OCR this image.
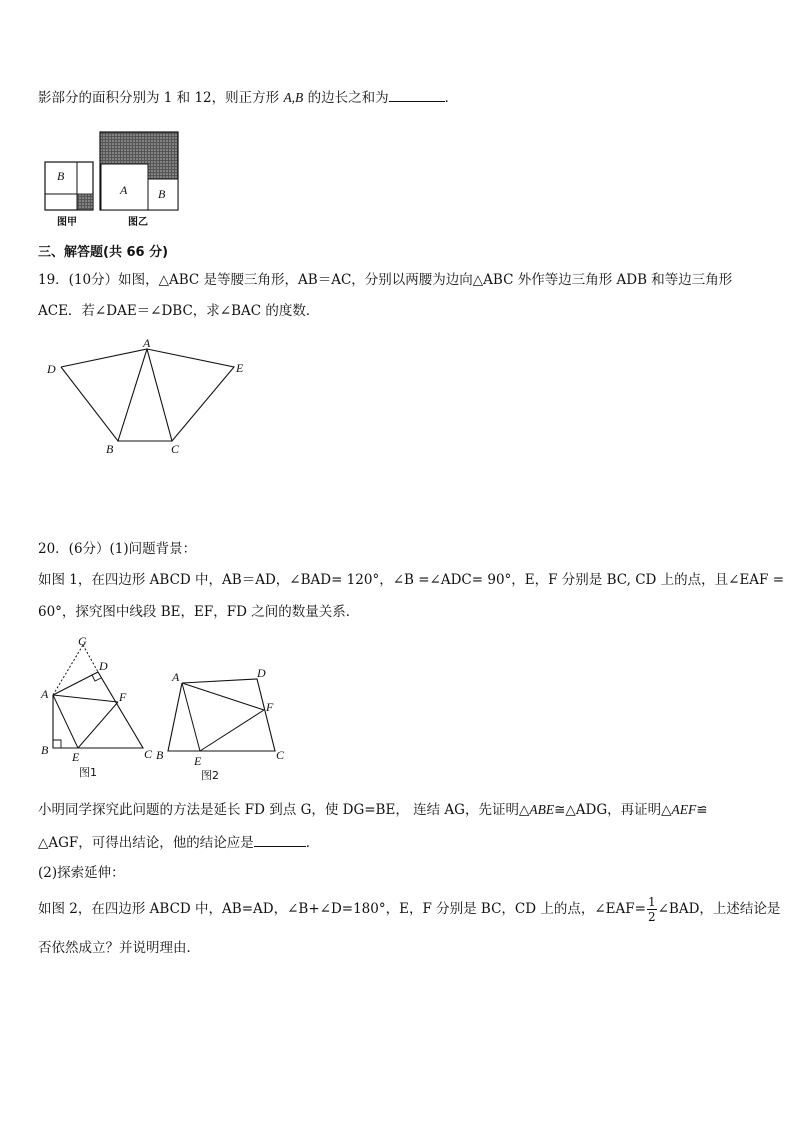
影部分的面积分别为 1 和 12，则正方形 A,B 的边长之和为	．
B
图甲
A	B
图乙
三、解答题(共 66 分)
19．(10分）如图，△ABC 是等腰三角形，AB＝AC，分别以两腰为边向△ABC 外作等边三角形 ADB 和等边三角形
ACE．若∠DAE＝∠DBC，求∠BAC 的度数．
A
D	E
B	C
20．(6分）(1)问题背景：
如图 1，在四边形 ABCD 中，AB＝AD，∠BAD= 120°，∠B =∠ADC= 90°，E，F 分别是 BC, CD 上的点，且∠EAF =
60°，探究图中线段 BE，EF，FD 之间的数量关系．
G
D
A	F
B E	C
图1
A	D
F
B	E	C
图2
小明同学探究此问题的方法是延长 FD 到点 G，使 DG=BE， 连结 AG，先证明△ABE≅△ADG，再证明△AEF≌
△AGF，可得出结论，他的结论应是	．
(2)探索延伸：
如图 2，在四边形 ABCD 中，AB=AD，∠B+∠D=180°，E，F 分别是 BC，CD 上的点，∠EAF= $\frac{1}{2}$ ∠BAD，上述结论是
否依然成立？并说明理由．
